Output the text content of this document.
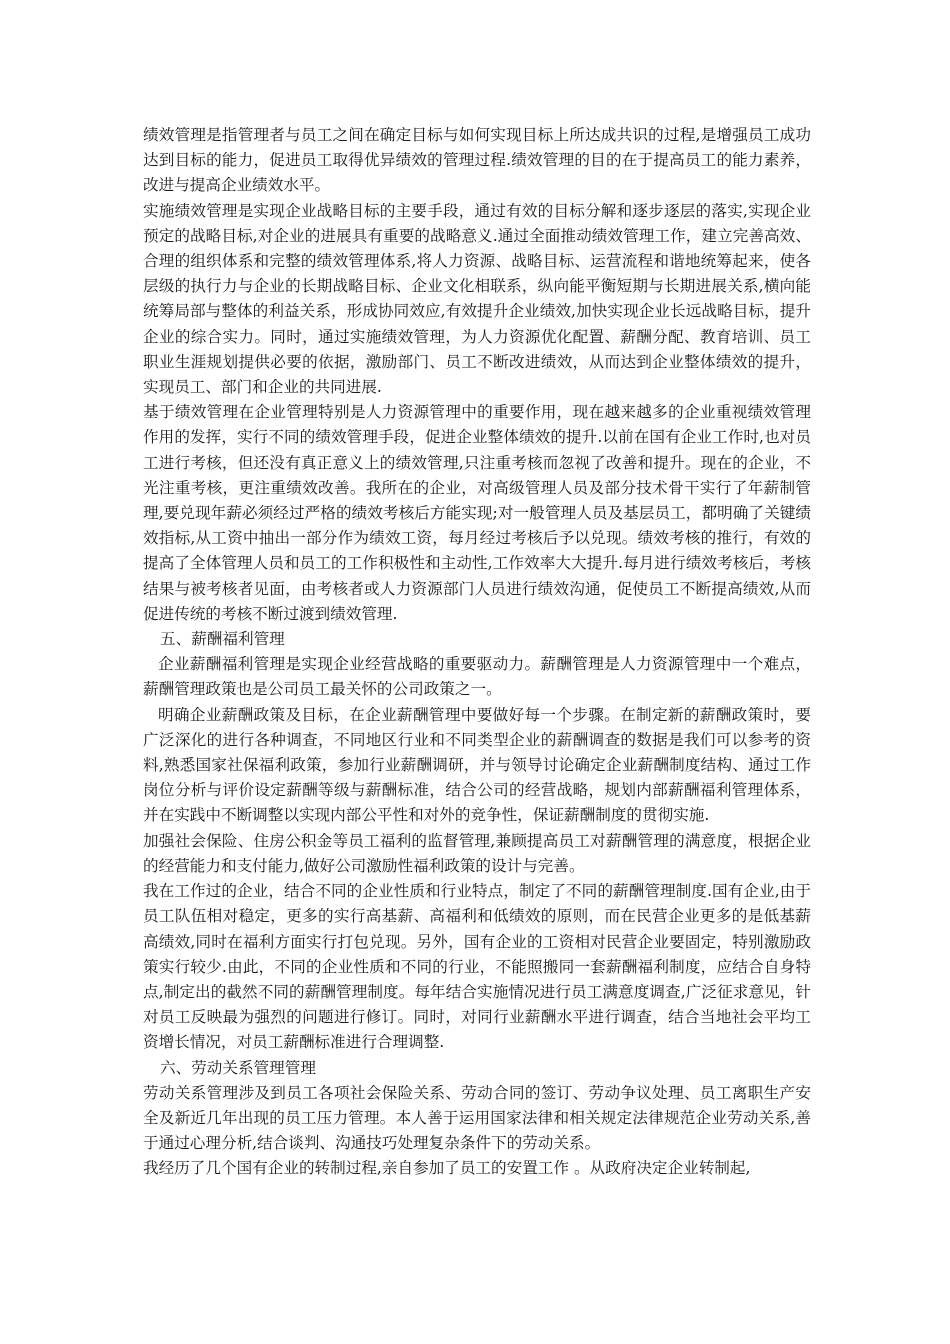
绩效管理是指管理者与员工之间在确定目标与如何实现目标上所达成共识的过程,是增强员工成功达到目标的能力，促进员工取得优异绩效的管理过程.绩效管理的目的在于提高员工的能力素养，改进与提高企业绩效水平。

实施绩效管理是实现企业战略目标的主要手段，通过有效的目标分解和逐步逐层的落实,实现企业预定的战略目标,对企业的进展具有重要的战略意义.通过全面推动绩效管理工作，建立完善高效、合理的组织体系和完整的绩效管理体系,将人力资源、战略目标、运营流程和谐地统筹起来，使各层级的执行力与企业的长期战略目标、企业文化相联系，纵向能平衡短期与长期进展关系,横向能统筹局部与整体的利益关系，形成协同效应,有效提升企业绩效,加快实现企业长远战略目标，提升企业的综合实力。同时，通过实施绩效管理，为人力资源优化配置、薪酬分配、教育培训、员工职业生涯规划提供必要的依据，激励部门、员工不断改进绩效，从而达到企业整体绩效的提升，实现员工、部门和企业的共同进展.

基于绩效管理在企业管理特别是人力资源管理中的重要作用，现在越来越多的企业重视绩效管理作用的发挥，实行不同的绩效管理手段，促进企业整体绩效的提升.以前在国有企业工作时,也对员工进行考核，但还没有真正意义上的绩效管理,只注重考核而忽视了改善和提升。现在的企业，不光注重考核，更注重绩效改善。我所在的企业，对高级管理人员及部分技术骨干实行了年薪制管理,要兑现年薪必须经过严格的绩效考核后方能实现;对一般管理人员及基层员工，都明确了关键绩效指标,从工资中抽出一部分作为绩效工资，每月经过考核后予以兑现。绩效考核的推行，有效的提高了全体管理人员和员工的工作积极性和主动性,工作效率大大提升.每月进行绩效考核后，考核结果与被考核者见面，由考核者或人力资源部门人员进行绩效沟通，促使员工不断提高绩效,从而促进传统的考核不断过渡到绩效管理.

五、薪酬福利管理

企业薪酬福利管理是实现企业经营战略的重要驱动力。薪酬管理是人力资源管理中一个难点，薪酬管理政策也是公司员工最关怀的公司政策之一。

明确企业薪酬政策及目标，在企业薪酬管理中要做好每一个步骤。在制定新的薪酬政策时，要广泛深化的进行各种调查，不同地区行业和不同类型企业的薪酬调查的数据是我们可以参考的资料,熟悉国家社保福利政策，参加行业薪酬调研，并与领导讨论确定企业薪酬制度结构、通过工作岗位分析与评价设定薪酬等级与薪酬标准，结合公司的经营战略，规划内部薪酬福利管理体系，并在实践中不断调整以实现内部公平性和对外的竞争性，保证薪酬制度的贯彻实施.

加强社会保险、住房公积金等员工福利的监督管理,兼顾提高员工对薪酬管理的满意度，根据企业的经营能力和支付能力,做好公司激励性福利政策的设计与完善。

我在工作过的企业，结合不同的企业性质和行业特点，制定了不同的薪酬管理制度.国有企业,由于员工队伍相对稳定，更多的实行高基薪、高福利和低绩效的原则，而在民营企业更多的是低基薪高绩效,同时在福利方面实行打包兑现。另外，国有企业的工资相对民营企业要固定，特别激励政策实行较少.由此，不同的企业性质和不同的行业，不能照搬同一套薪酬福利制度，应结合自身特点,制定出的截然不同的薪酬管理制度。每年结合实施情况进行员工满意度调查,广泛征求意见，针对员工反映最为强烈的问题进行修订。同时，对同行业薪酬水平进行调查，结合当地社会平均工资增长情况，对员工薪酬标准进行合理调整.

六、劳动关系管理管理

劳动关系管理涉及到员工各项社会保险关系、劳动合同的签订、劳动争议处理、员工离职生产安全及新近几年出现的员工压力管理。本人善于运用国家法律和相关规定法律规范企业劳动关系,善于通过心理分析,结合谈判、沟通技巧处理复杂条件下的劳动关系。

我经历了几个国有企业的转制过程,亲自参加了员工的安置工作 。从政府决定企业转制起,
